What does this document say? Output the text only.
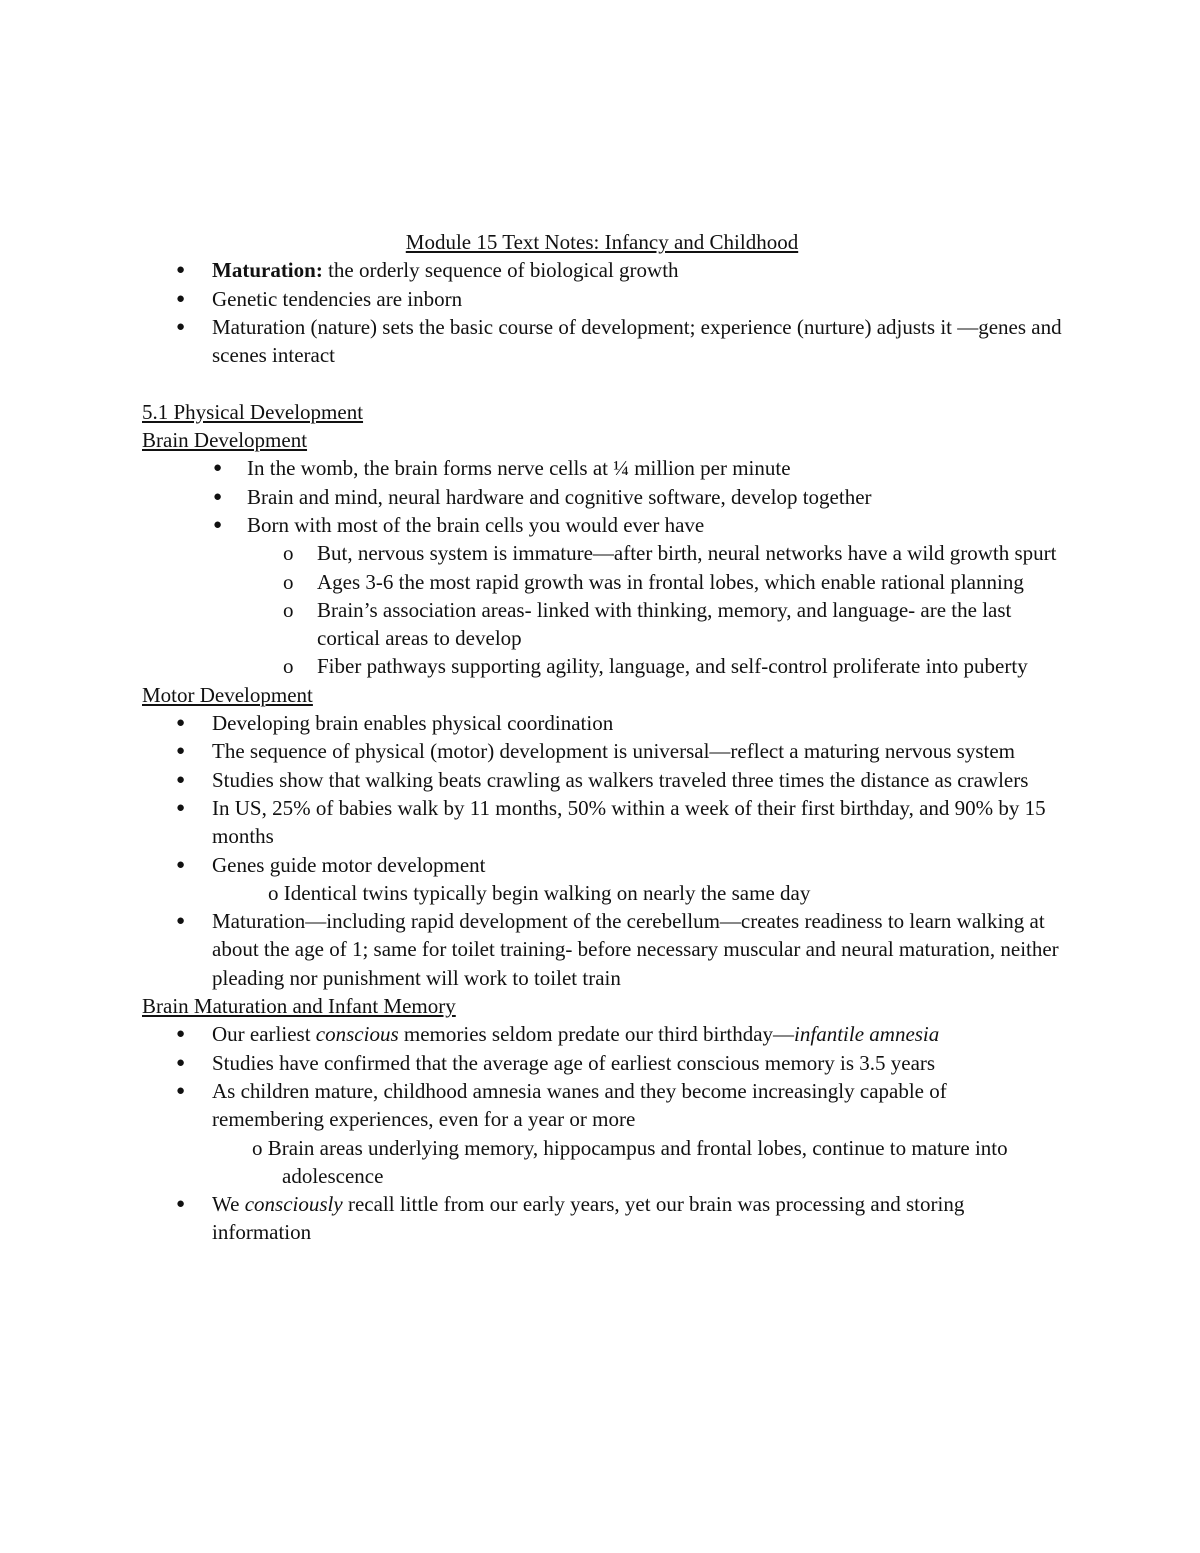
Module 15 Text Notes: Infancy and Childhood
● Maturation: the orderly sequence of biological growth
● Genetic tendencies are inborn
● Maturation (nature) sets the basic course of development; experience (nurture) adjusts it —genes and scenes interact
5.1 Physical Development
Brain Development
● In the womb, the brain forms nerve cells at ¼ million per minute
● Brain and mind, neural hardware and cognitive software, develop together
● Born with most of the brain cells you would ever have
o But, nervous system is immature—after birth, neural networks have a wild growth spurt
o Ages 3-6 the most rapid growth was in frontal lobes, which enable rational planning
o Brain’s association areas- linked with thinking, memory, and language- are the last cortical areas to develop
o Fiber pathways supporting agility, language, and self-control proliferate into puberty
Motor Development
● Developing brain enables physical coordination
● The sequence of physical (motor) development is universal—reflect a maturing nervous system
● Studies show that walking beats crawling as walkers traveled three times the distance as crawlers
● In US, 25% of babies walk by 11 months, 50% within a week of their first birthday, and 90% by 15 months
● Genes guide motor development
o Identical twins typically begin walking on nearly the same day
● Maturation—including rapid development of the cerebellum—creates readiness to learn walking at about the age of 1; same for toilet training- before necessary muscular and neural maturation, neither pleading nor punishment will work to toilet train
Brain Maturation and Infant Memory
● Our earliest conscious memories seldom predate our third birthday—infantile amnesia
● Studies have confirmed that the average age of earliest conscious memory is 3.5 years
● As children mature, childhood amnesia wanes and they become increasingly capable of remembering experiences, even for a year or more
o Brain areas underlying memory, hippocampus and frontal lobes, continue to mature into adolescence
● We consciously recall little from our early years, yet our brain was processing and storing information
